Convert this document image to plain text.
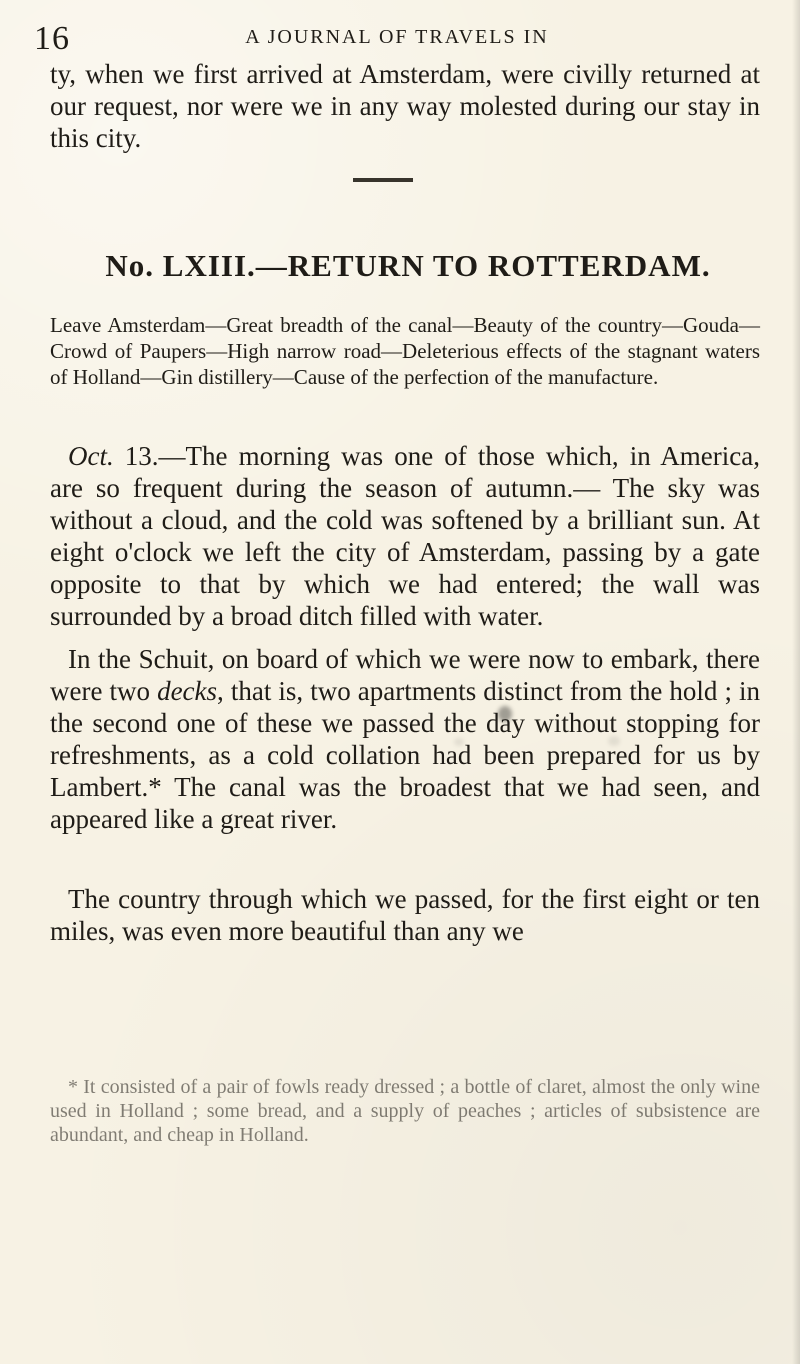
16	A JOURNAL OF TRAVELS IN
ty, when we first arrived at Amsterdam, were civilly returned at our request, nor were we in any way molested during our stay in this city.
No. LXIII.—RETURN TO ROTTERDAM.
Leave Amsterdam—Great breadth of the canal—Beauty of the country—Gouda—Crowd of Paupers—High narrow road—Deleterious effects of the stagnant waters of Holland—Gin distillery—Cause of the perfection of the manufacture.
Oct. 13.—The morning was one of those which, in America, are so frequent during the season of autumn.— The sky was without a cloud, and the cold was softened by a brilliant sun. At eight o'clock we left the city of Amsterdam, passing by a gate opposite to that by which we had entered; the wall was surrounded by a broad ditch filled with water.
In the Schuit, on board of which we were now to embark, there were two decks, that is, two apartments distinct from the hold ; in the second one of these we passed the day without stopping for refreshments, as a cold collation had been prepared for us by Lambert.* The canal was the broadest that we had seen, and appeared like a great river.
The country through which we passed, for the first eight or ten miles, was even more beautiful than any we
* It consisted of a pair of fowls ready dressed ; a bottle of claret, almost the only wine used in Holland ; some bread, and a supply of peaches ; articles of subsistence are abundant, and cheap in Holland.
